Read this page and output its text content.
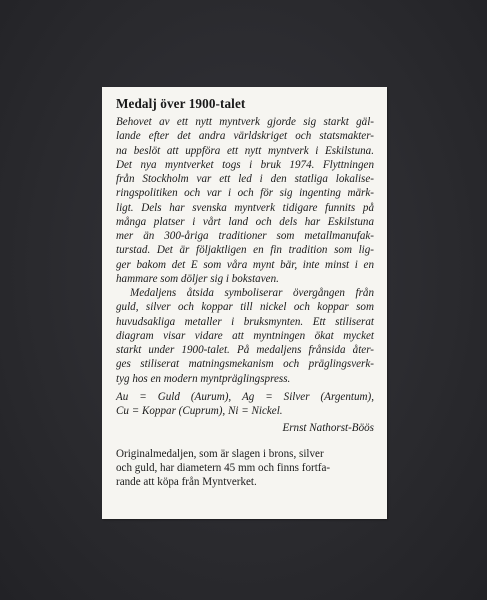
Medalj över 1900-talet
Behovet av ett nytt myntverk gjorde sig starkt gäl-
lande efter det andra världskriget och statsmakter-
na beslöt att uppföra ett nytt myntverk i Eskilstuna.
Det nya myntverket togs i bruk 1974. Flyttningen
från Stockholm var ett led i den statliga lokalise-
ringspolitiken och var i och för sig ingenting märk-
ligt. Dels har svenska myntverk tidigare funnits på
många platser i vårt land och dels har Eskilstuna
mer än 300-åriga traditioner som metallmanufak-
turstad. Det är följaktligen en fin tradition som lig-
ger bakom det E som våra mynt bär, inte minst i en
hammare som döljer sig i bokstaven.
Medaljens åtsida symboliserar övergången från
guld, silver och koppar till nickel och koppar som
huvudsakliga metaller i bruksmynten. Ett stiliserat
diagram visar vidare att myntningen ökat mycket
starkt under 1900-talet. På medaljens frånsida åter-
ges stiliserat matningsmekanism och präglingsverk-
tyg hos en modern myntpräglingspress.
Au = Guld (Aurum), Ag = Silver (Argentum),
Cu = Koppar (Cuprum), Ni = Nickel.
Ernst Nathorst-Böös
Originalmedaljen, som är slagen i brons, silver
och guld, har diametern 45 mm och finns fortfa-
rande att köpa från Myntverket.
